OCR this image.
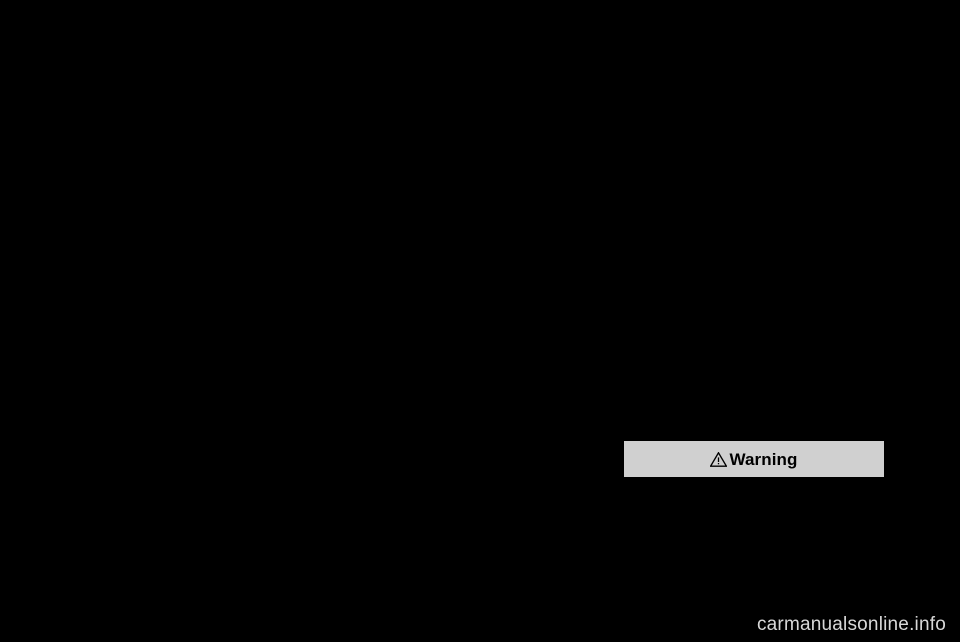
Warning
carmanualsonline.info
